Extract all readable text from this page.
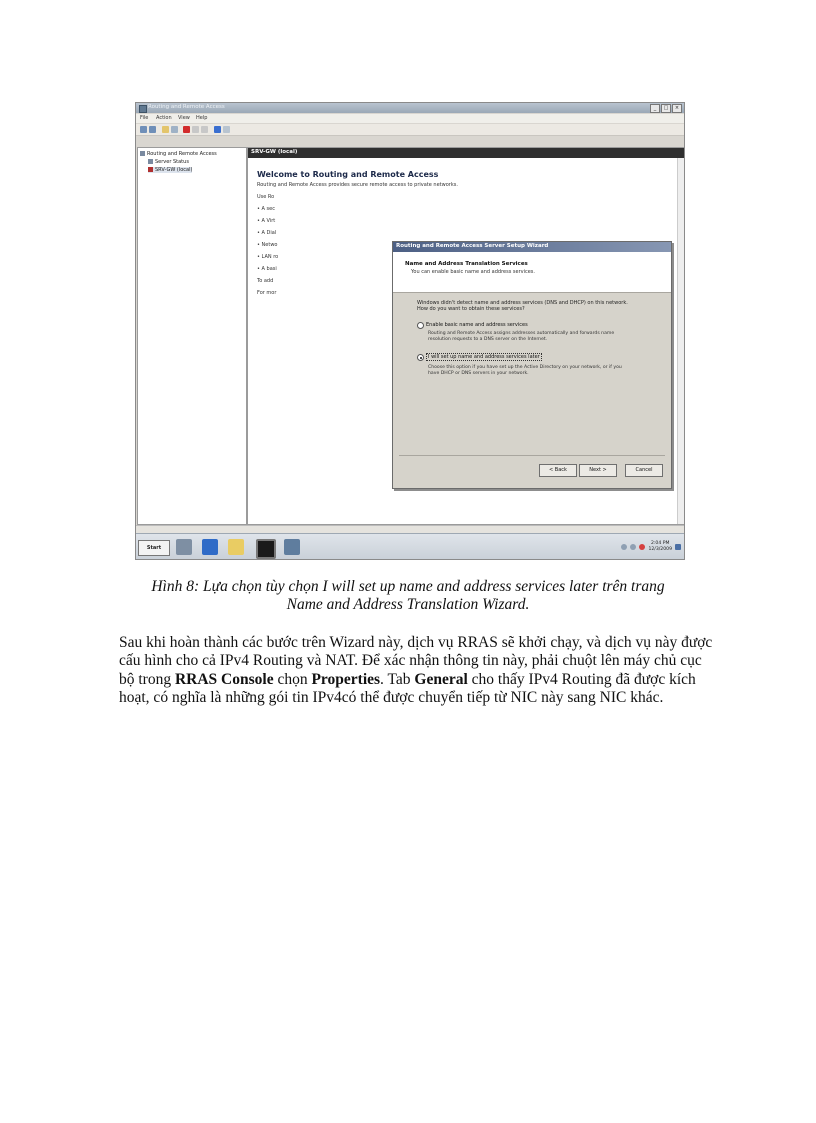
Routing and Remote Access	_	□	×
File Action View Help
Routing and Remote Access
Server Status
SRV-GW (local)
SRV-GW (local)
Welcome to Routing and Remote Access
Routing and Remote Access provides secure remote access to private networks.
Use Ro
• A sec
• A Virt
• A Dial
• Netwo
• LAN ro
• A basi
To add
For mor
Routing and Remote Access Server Setup Wizard
Name and Address Translation Services
You can enable basic name and address services.
Windows didn't detect name and address services (DNS and DHCP) on this network.
How do you want to obtain these services?
Enable basic name and address services
Routing and Remote Access assigns addresses automatically and forwards name
resolution requests to a DNS server on the Internet.
I will set up name and address services later
Choose this option if you have set up the Active Directory on your network, or if you
have DHCP or DNS servers in your network.
< Back	Next >	Cancel
Start
2:04 PM
12/3/2009
Hình 8: Lựa chọn tùy chọn I will set up name and address services later trên trang
Name and Address Translation Wizard.
Sau khi hoàn thành các bước trên Wizard này, dịch vụ RRAS sẽ khởi chạy, và dịch vụ này được cấu hình cho cả IPv4 Routing và NAT. Để xác nhận thông tin này, phải chuột lên máy chủ cục bộ trong RRAS Console chọn Properties. Tab General cho thấy IPv4 Routing đã được kích hoạt, có nghĩa là những gói tin IPv4có thể được chuyển tiếp từ NIC này sang NIC khác.
